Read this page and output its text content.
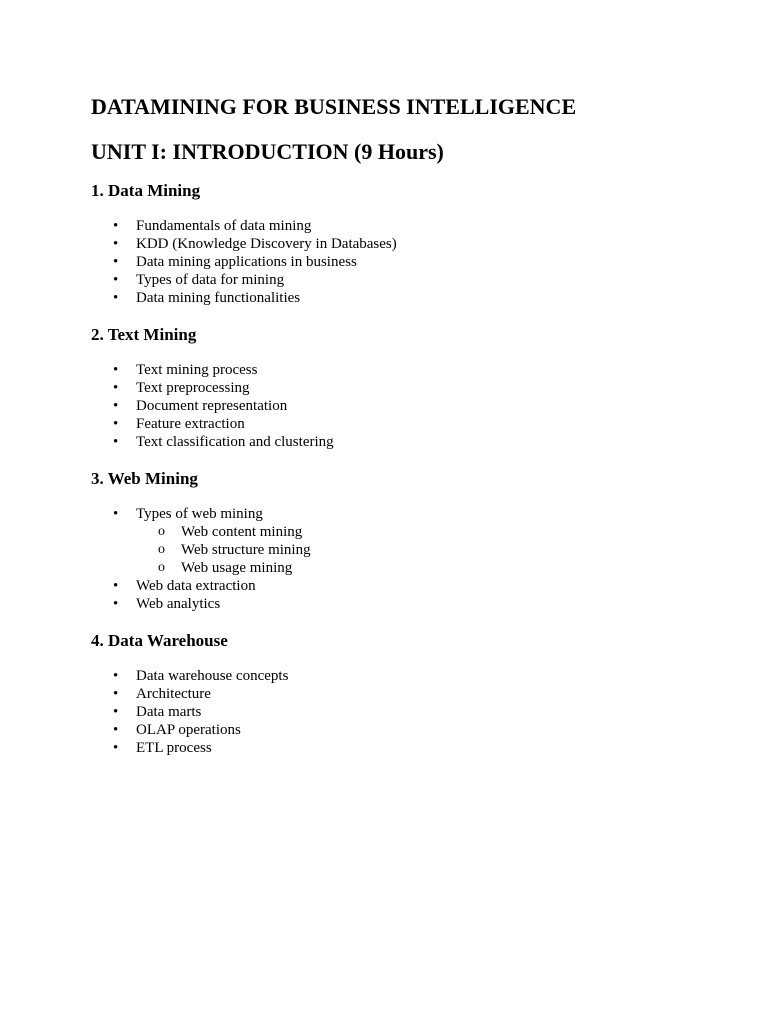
DATAMINING FOR BUSINESS INTELLIGENCE
UNIT I: INTRODUCTION (9 Hours)
1. Data Mining
• Fundamentals of data mining
• KDD (Knowledge Discovery in Databases)
• Data mining applications in business
• Types of data for mining
• Data mining functionalities
2. Text Mining
• Text mining process
• Text preprocessing
• Document representation
• Feature extraction
• Text classification and clustering
3. Web Mining
• Types of web mining
o Web content mining
o Web structure mining
o Web usage mining
• Web data extraction
• Web analytics
4. Data Warehouse
• Data warehouse concepts
• Architecture
• Data marts
• OLAP operations
• ETL process
